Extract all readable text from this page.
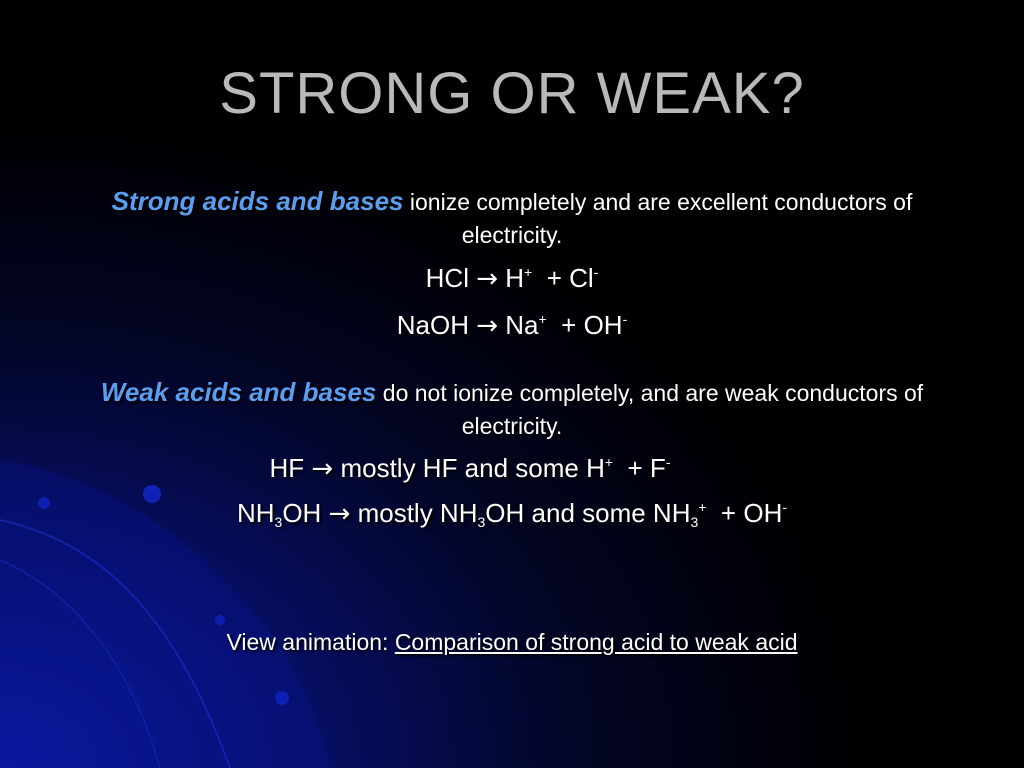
STRONG OR WEAK?

Strong acids and bases ionize completely and are excellent conductors of electricity.

HCl → H+ + Cl-

NaOH → Na+ + OH-

Weak acids and bases do not ionize completely, and are weak conductors of electricity.

HF → mostly HF and some H+ + F-

$NH_3OH$ → mostly $NH_3OH$ and some $NH_3^+ + OH^-$

View animation: Comparison of strong acid to weak acid
